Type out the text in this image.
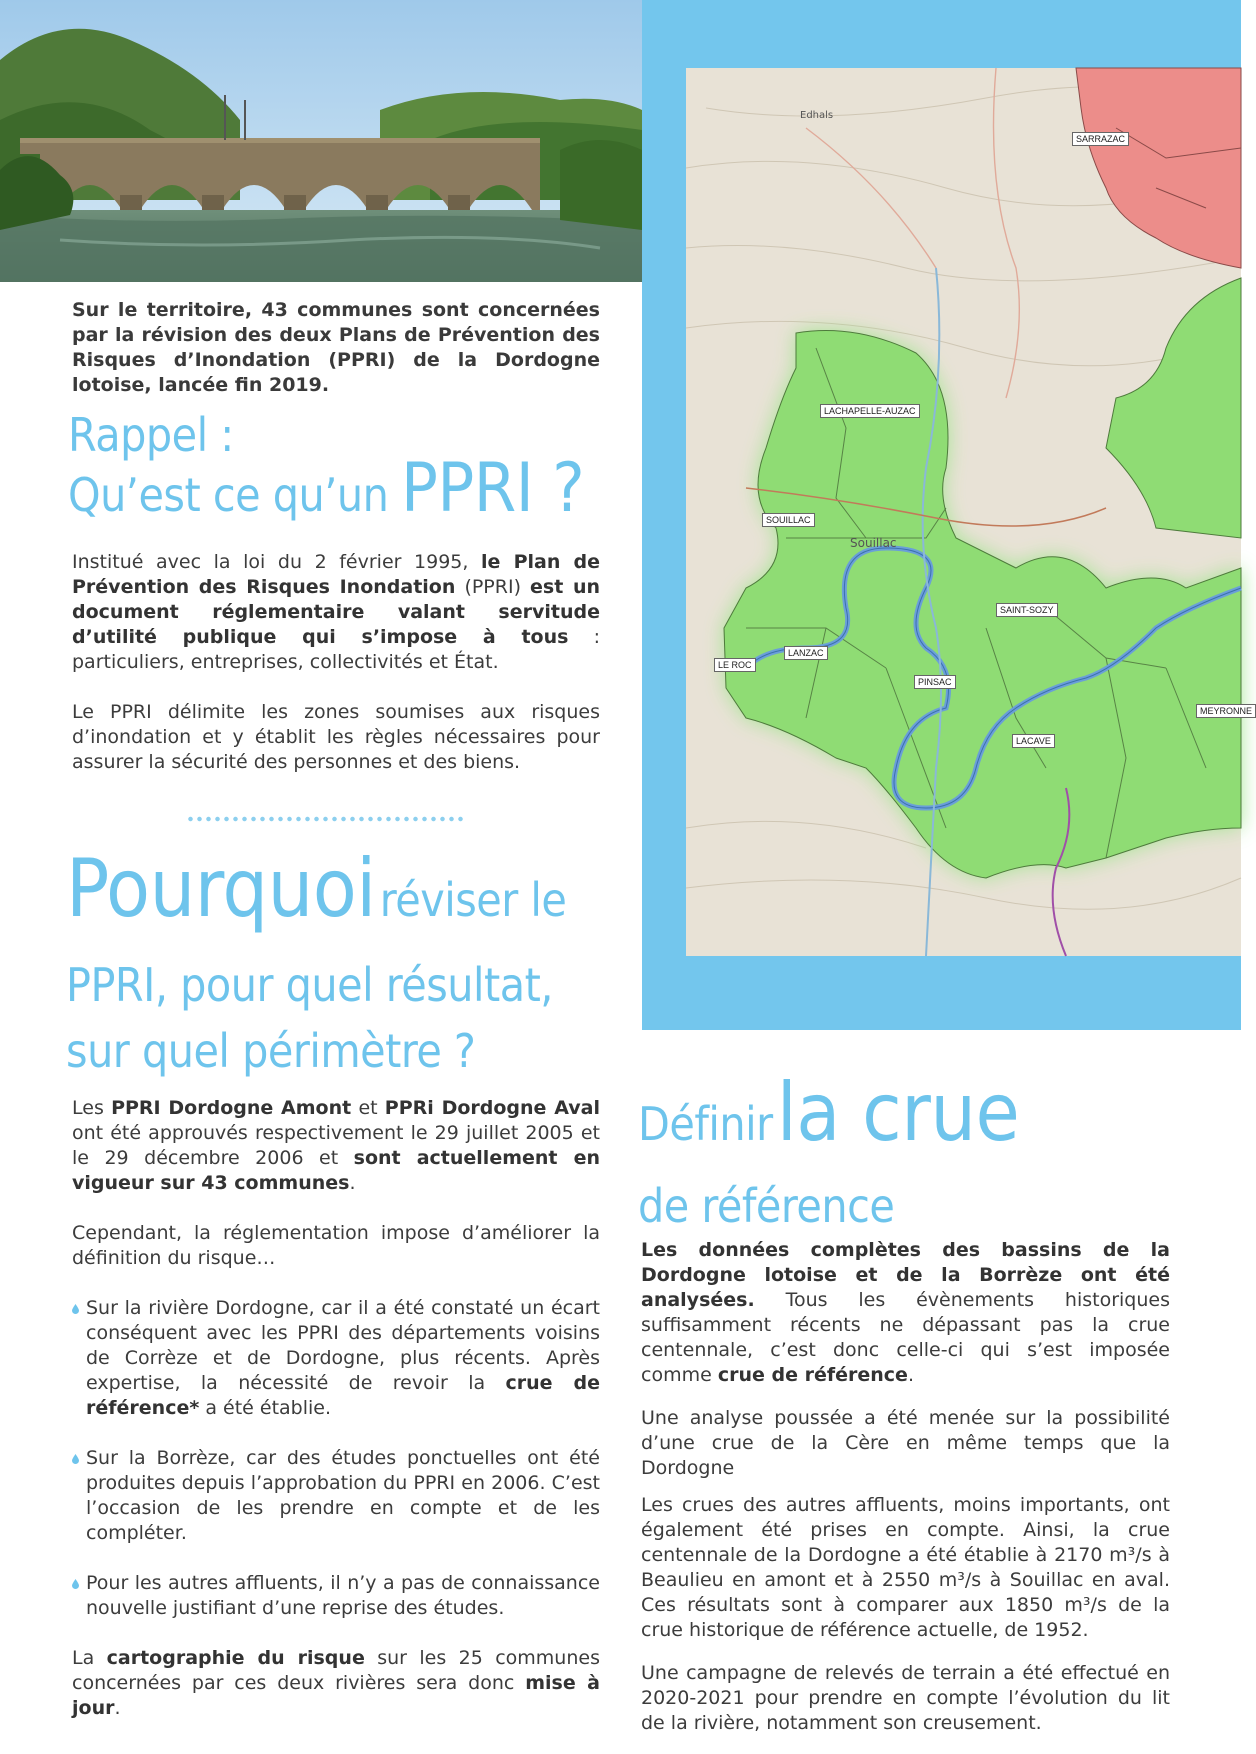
SARRAZAC
LACHAPELLE-AUZAC
SOUILLAC
SAINT-SOZY
LANZAC
LE ROC
PINSAC
MEYRONNE
LACAVE
Edhals
Souillac

Sur le territoire, 43 communes sont concernées par la révision des deux Plans de Prévention des Risques d’Inondation (PPRI) de la Dordogne lotoise, lancée fin 2019.

Rappel :
Qu’est ce qu’un PPRI ?

Institué avec la loi du 2 février 1995, le Plan de Prévention des Risques Inondation (PPRI) est un document réglementaire valant servitude d’utilité publique qui s’impose à tous : particuliers, entreprises, collectivités et État.

Le PPRI délimite les zones soumises aux risques d’inondation et y établit les règles nécessaires pour assurer la sécurité des personnes et des biens.

Pourquoi réviser le
PPRI, pour quel résultat,
sur quel périmètre ?

Les PPRI Dordogne Amont et PPRi Dordogne Aval ont été approuvés respectivement le 29 juillet 2005 et le 29 décembre 2006 et sont actuellement en vigueur sur 43 communes.

Cependant, la réglementation impose d’améliorer la définition du risque…

Sur la rivière Dordogne, car il a été constaté un écart conséquent avec les PPRI des départements voisins de Corrèze et de Dordogne, plus récents. Après expertise, la nécessité de revoir la crue de référence* a été établie.
Sur la Borrèze, car des études ponctuelles ont été produites depuis l’approbation du PPRI en 2006. C’est l’occasion de les prendre en compte et de les compléter.
Pour les autres affluents, il n’y a pas de connaissance nouvelle justifiant d’une reprise des études.

La cartographie du risque sur les 25 communes concernées par ces deux rivières sera donc mise à jour.

Définir la crue
de référence

Les données complètes des bassins de la Dordogne lotoise et de la Borrèze ont été analysées. Tous les évènements historiques suffisamment récents ne dépassant pas la crue centennale, c’est donc celle-ci qui s’est imposée comme crue de référence.

Une analyse poussée a été menée sur la possibilité d’une crue de la Cère en même temps que la Dordogne

Les crues des autres affluents, moins importants, ont également été prises en compte. Ainsi, la crue centennale de la Dordogne a été établie à 2170 m³/s à Beaulieu en amont et à 2550 m³/s à Souillac en aval. Ces résultats sont à comparer aux 1850 m³/s de la crue historique de référence actuelle, de 1952.

Une campagne de relevés de terrain a été effectué en 2020-2021 pour prendre en compte l’évolution du lit de la rivière, notamment son creusement.
